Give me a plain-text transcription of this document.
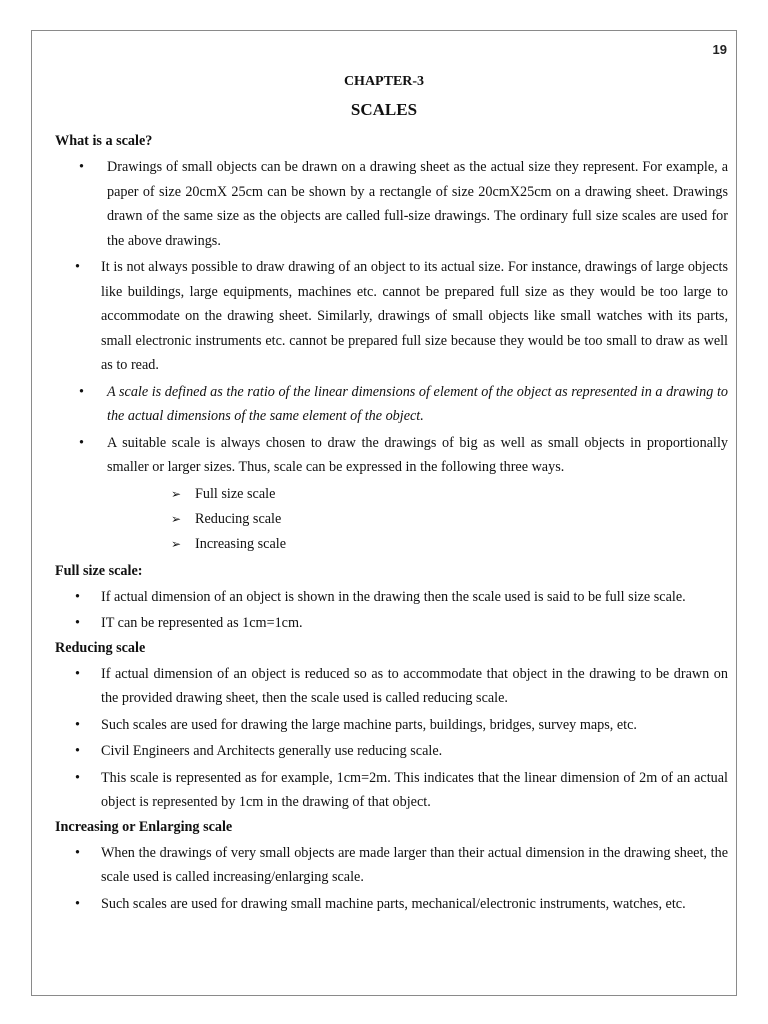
19
CHAPTER-3
SCALES
What is a scale?
• Drawings of small objects can be drawn on a drawing sheet as the actual size they represent. For example, a paper of size 20cmX 25cm can be shown by a rectangle of size 20cmX25cm on a drawing sheet. Drawings drawn of the same size as the objects are called full-size drawings. The ordinary full size scales are used for the above drawings.
• It is not always possible to draw drawing of an object to its actual size. For instance, drawings of large objects like buildings, large equipments, machines etc. cannot be prepared full size as they would be too large to accommodate on the drawing sheet. Similarly, drawings of small objects like small watches with its parts, small electronic instruments etc. cannot be prepared full size because they would be too small to draw as well as to read.
• A scale is defined as the ratio of the linear dimensions of element of the object as represented in a drawing to the actual dimensions of the same element of the object.
• A suitable scale is always chosen to draw the drawings of big as well as small objects in proportionally smaller or larger sizes. Thus, scale can be expressed in the following three ways.
➢ Full size scale
➢ Reducing scale
➢ Increasing scale
Full size scale:
• If actual dimension of an object is shown in the drawing then the scale used is said to be full size scale.
• IT can be represented as 1cm=1cm.
Reducing scale
• If actual dimension of an object is reduced so as to accommodate that object in the drawing to be drawn on the provided drawing sheet, then the scale used is called reducing scale.
• Such scales are used for drawing the large machine parts, buildings, bridges, survey maps, etc.
• Civil Engineers and Architects generally use reducing scale.
• This scale is represented as for example, 1cm=2m. This indicates that the linear dimension of 2m of an actual object is represented by 1cm in the drawing of that object.
Increasing or Enlarging scale
• When the drawings of very small objects are made larger than their actual dimension in the drawing sheet, the scale used is called increasing/enlarging scale.
• Such scales are used for drawing small machine parts, mechanical/electronic instruments, watches, etc.
